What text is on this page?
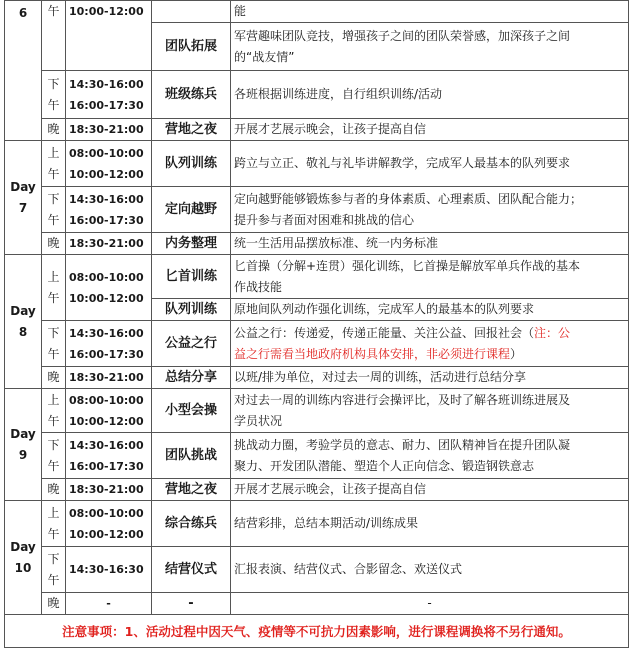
6	午	10:00-12:00		能
			团队拓展	军营趣味团队竞技，增强孩子之间的团队荣誉感，加深孩子之间
的“战友情”

	下
午	14:30-16:00
16:00-17:30	班级练兵	各班根据训练进度，自行组织训练/活动
	晚	18:30-21:00	营地之夜	开展才艺展示晚会，让孩子提高自信

Day
7	上
午	08:00-10:00
10:00-12:00	队列训练	跨立与立正、敬礼与礼毕讲解教学，完成军人最基本的队列要求

	下
午	14:30-16:00
16:00-17:30	定向越野	定向越野能够锻炼参与者的身体素质、心理素质、团队配合能力；
提升参与者面对困难和挑战的信心

	晚	18:30-21:00	内务整理	统一生活用品摆放标准、统一内务标准

Day
8	上
午	08:00-10:00
10:00-12:00	匕首训练	匕首操（分解+连贯）强化训练，匕首操是解放军单兵作战的基本
作战技能

			队列训练	原地间队列动作强化训练，完成军人的最基本的队列要求

	下
午	14:30-16:00
16:00-17:30	公益之行	公益之行：传递爱，传递正能量、关注公益、回报社会（注：公
益之行需看当地政府机构具体安排，非必须进行课程）

	晚	18:30-21:00	总结分享	以班/排为单位，对过去一周的训练，活动进行总结分享

Day
9	上
午	08:00-10:00
10:00-12:00	小型会操	对过去一周的训练内容进行会操评比，及时了解各班训练进展及
学员状况

	下
午	14:30-16:00
16:00-17:30	团队挑战	挑战动力圈，考验学员的意志、耐力、团队精神旨在提升团队凝
聚力、开发团队潜能、塑造个人正向信念、锻造钢铁意志

	晚	18:30-21:00	营地之夜	开展才艺展示晚会，让孩子提高自信

Day
10	上
午	08:00-10:00
10:00-12:00	综合练兵	结营彩排，总结本期活动/训练成果

	下
午	14:30-16:30	结营仪式	汇报表演、结营仪式、合影留念、欢送仪式
	晚	-	-	-
注意事项：1、活动过程中因天气、疫情等不可抗力因素影响，进行课程调换将不另行通知。				
